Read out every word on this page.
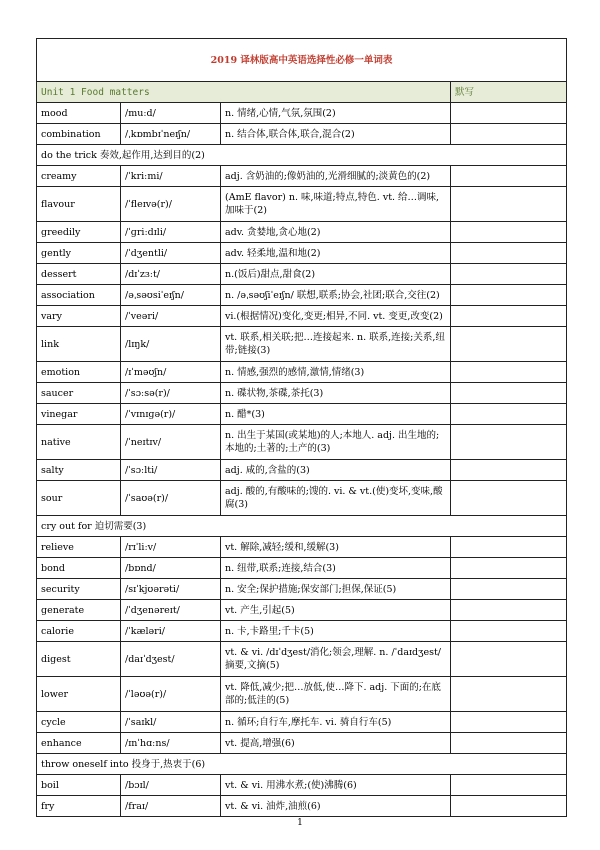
2019 译林版高中英语选择性必修一单词表			
Unit 1 Food matters			默写
mood	/muːd/	n. 情绪,心情,气氛,氛围(2)	
combination	/ˌkɒmbɪˈneɪʃn/	n. 结合体,联合体,联合,混合(2)	
do the trick 奏效,起作用,达到目的(2)			
creamy	/ˈkriːmi/	adj. 含奶油的;像奶油的,光滑细腻的;淡黄色的(2)	
flavour	/ˈfleɪvə(r)/	(AmE flavor) n. 味,味道;特点,特色. vt. 给…调味,加味于(2)	
greedily	/ˈɡriːdɪli/	adv. 贪婪地,贪心地(2)	
gently	/ˈdʒentli/	adv. 轻柔地,温和地(2)	
dessert	/dɪˈzɜːt/	n.(饭后)甜点,甜食(2)	
association	/əˌsəʊsiˈeɪʃn/	n. /əˌsəʊʃiˈeɪʃn/ 联想,联系;协会,社团;联合,交往(2)	
vary	/ˈveəri/	vi.(根据情况)变化,变更;相异,不同. vt. 变更,改变(2)	
link	/lɪŋk/	vt. 联系,相关联;把…连接起来. n. 联系,连接;关系,纽带;链接(3)	
emotion	/ɪˈməʊʃn/	n. 情感,强烈的感情,激情,情绪(3)	
saucer	/ˈsɔːsə(r)/	n. 碟状物,茶碟,茶托(3)	
vinegar	/ˈvɪnɪɡə(r)/	n. 醋*(3)	
native	/ˈneɪtɪv/	n. 出生于某国(或某地)的人;本地人. adj. 出生地的;本地的;土著的;土产的(3)	
salty	/ˈsɔːlti/	adj. 咸的,含盐的(3)	
sour	/ˈsaʊə(r)/	adj. 酸的,有酸味的;馊的. vi. & vt.(使)变坏,变味,酸腐(3)	
cry out for 迫切需要(3)			
relieve	/rɪˈliːv/	vt. 解除,减轻;缓和,缓解(3)	
bond	/bɒnd/	n. 纽带,联系;连接,结合(3)	
security	/sɪˈkjʊərəti/	n. 安全;保护措施;保安部门;担保,保证(5)	
generate	/ˈdʒenəreɪt/	vt. 产生,引起(5)	
calorie	/ˈkæləri/	n. 卡,卡路里;千卡(5)	
digest	/daɪˈdʒest/	vt. & vi. /dɪˈdʒest/消化;领会,理解. n. /ˈdaɪdʒest/摘要,文摘(5)	
lower	/ˈləʊə(r)/	vt. 降低,减少;把…放低,使…降下. adj. 下面的;在底部的;低洼的(5)	
cycle	/ˈsaɪkl/	n. 循环;自行车,摩托车. vi. 骑自行车(5)	
enhance	/ɪnˈhɑːns/	vt. 提高,增强(6)	
throw oneself into 投身于,热衷于(6)			
boil	/bɔɪl/	vt. & vi. 用沸水煮;(使)沸腾(6)	
fry	/fraɪ/	vt. & vi. 油炸,油煎(6)	
1
